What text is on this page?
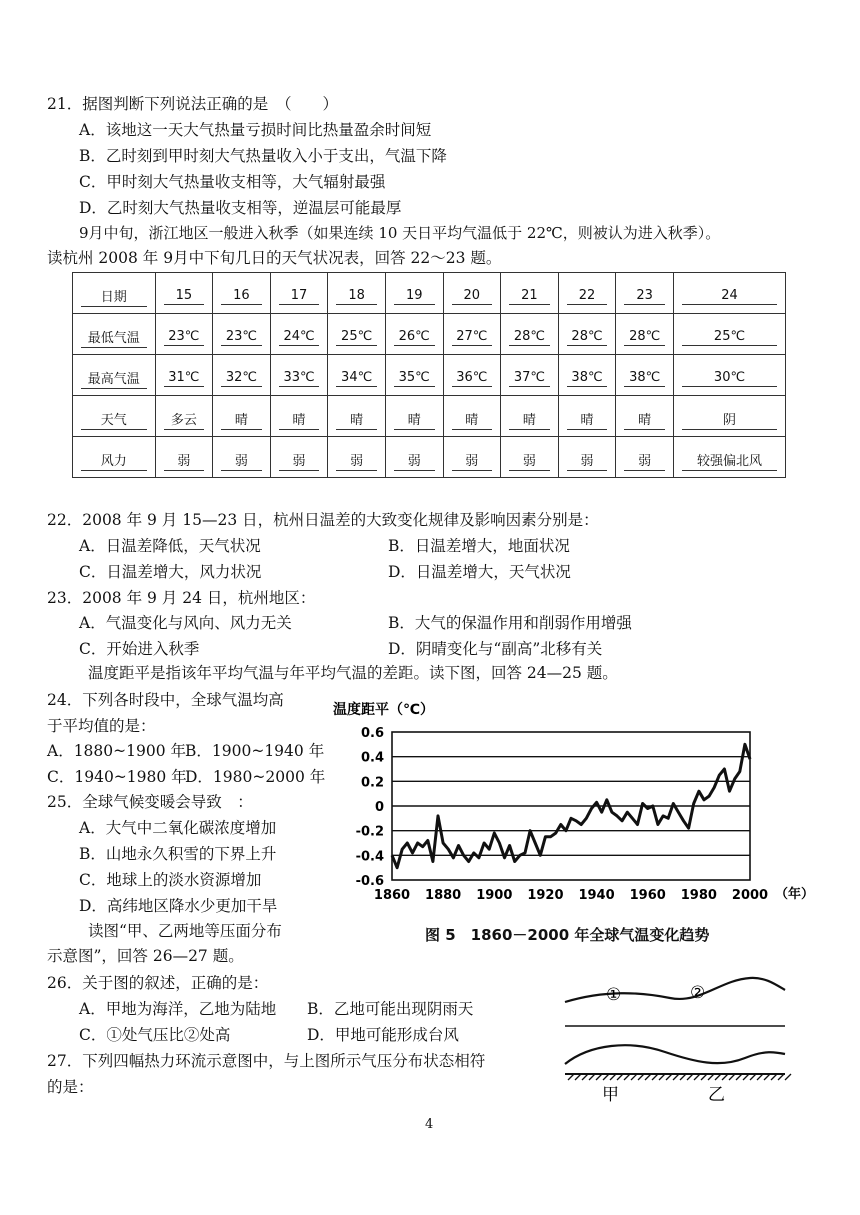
21．据图判断下列说法正确的是　（　　）
A．该地这一天大气热量亏损时间比热量盈余时间短
B．乙时刻到甲时刻大气热量收入小于支出，气温下降
C．甲时刻大气热量收支相等，大气辐射最强
D．乙时刻大气热量收支相等，逆温层可能最厚
9月中旬，浙江地区一般进入秋季（如果连续 10 天日平均气温低于 22℃，则被认为进入秋季）。
读杭州 2008 年 9月中下旬几日的天气状况表，回答 22～23 题。
日期	15	16	17	18	19	20	21	22	23	24

最低气温	23℃	23℃	24℃	25℃	26℃	27℃	28℃	28℃	28℃	25℃

最高气温	31℃	32℃	33℃	34℃	35℃	36℃	37℃	38℃	38℃	30℃

天气	多云	晴	晴	晴	晴	晴	晴	晴	晴	阴

风力	弱	弱	弱	弱	弱	弱	弱	弱	弱	较强偏北风
22．2008 年 9 月 15—23 日，杭州日温差的大致变化规律及影响因素分别是：
A．日温差降低，天气状况	B．日温差增大，地面状况
C．日温差增大，风力状况	D．日温差增大，天气状况
23．2008 年 9 月 24 日，杭州地区：
A．气温变化与风向、风力无关	B．大气的保温作用和削弱作用增强
C．开始进入秋季	D．阴晴变化与“副高”北移有关
温度距平是指该年平均气温与年平均气温的差距。读下图，回答 24—25 题。
24．下列各时段中，全球气温均高
于平均值的是：
A．1880~1900 年
B．1900~1940 年
C．1940~1980 年
D．1980~2000 年
25．全球气候变暖会导致　：
A．大气中二氧化碳浓度增加
B．山地永久积雪的下界上升
C．地球上的淡水资源增加
D．高纬地区降水少更加干旱
读图“甲、乙两地等压面分布
示意图”，回答 26—27 题。
26．关于图的叙述，正确的是：
A．甲地为海洋，乙地为陆地 B．乙地可能出现阴雨天
C．①处气压比②处高	D．甲地可能形成台风
27．下列四幅热力环流示意图中，与上图所示气压分布状态相符
的是：
温度距平（℃）
0.6
0.4
0.2
0
-0.2
-0.4
-0.6
1860 1880 1900 1920 1940 1960 1980 2000 （年）
图 5　1860－2000 年全球气温变化趋势
①	②
甲	乙
4
